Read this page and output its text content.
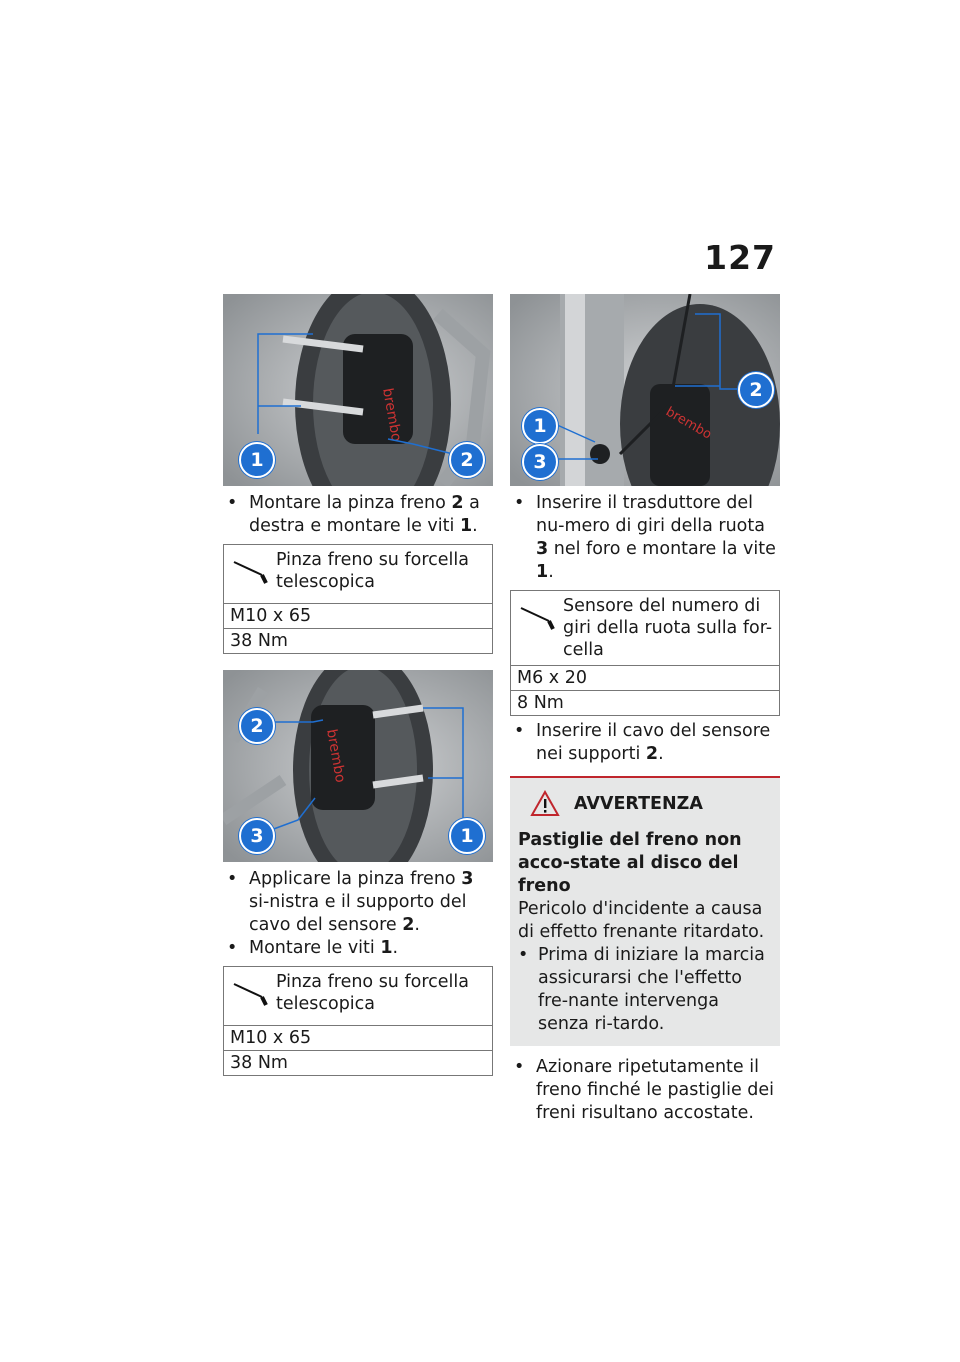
127
brembo
1	2

• Montare la pinza freno 2 a destra e montare le viti 1.

Pinza freno su forcella telescopica
M10 x 65
38 Nm
brembo
2
3	1

• Applicare la pinza freno 3 si-nistra e il supporto del cavo del sensore 2.

• Montare le viti 1.

Pinza freno su forcella telescopica
M10 x 65
38 Nm
brembo
2
1
3

• Inserire il trasduttore del nu-mero di giri della ruota 3 nel foro e montare la vite 1.

Sensore del numero di giri della ruota sulla for-cella
M6 x 20
8 Nm

• Inserire il cavo del sensore nei supporti 2.

AVVERTENZA
Pastiglie del freno non acco-state al disco del freno
Pericolo d'incidente a causa di effetto frenante ritardato.

• Prima di iniziare la marcia assicurarsi che l'effetto fre-nante intervenga senza ri-tardo.

• Azionare ripetutamente il freno finché le pastiglie dei freni risultano accostate.
